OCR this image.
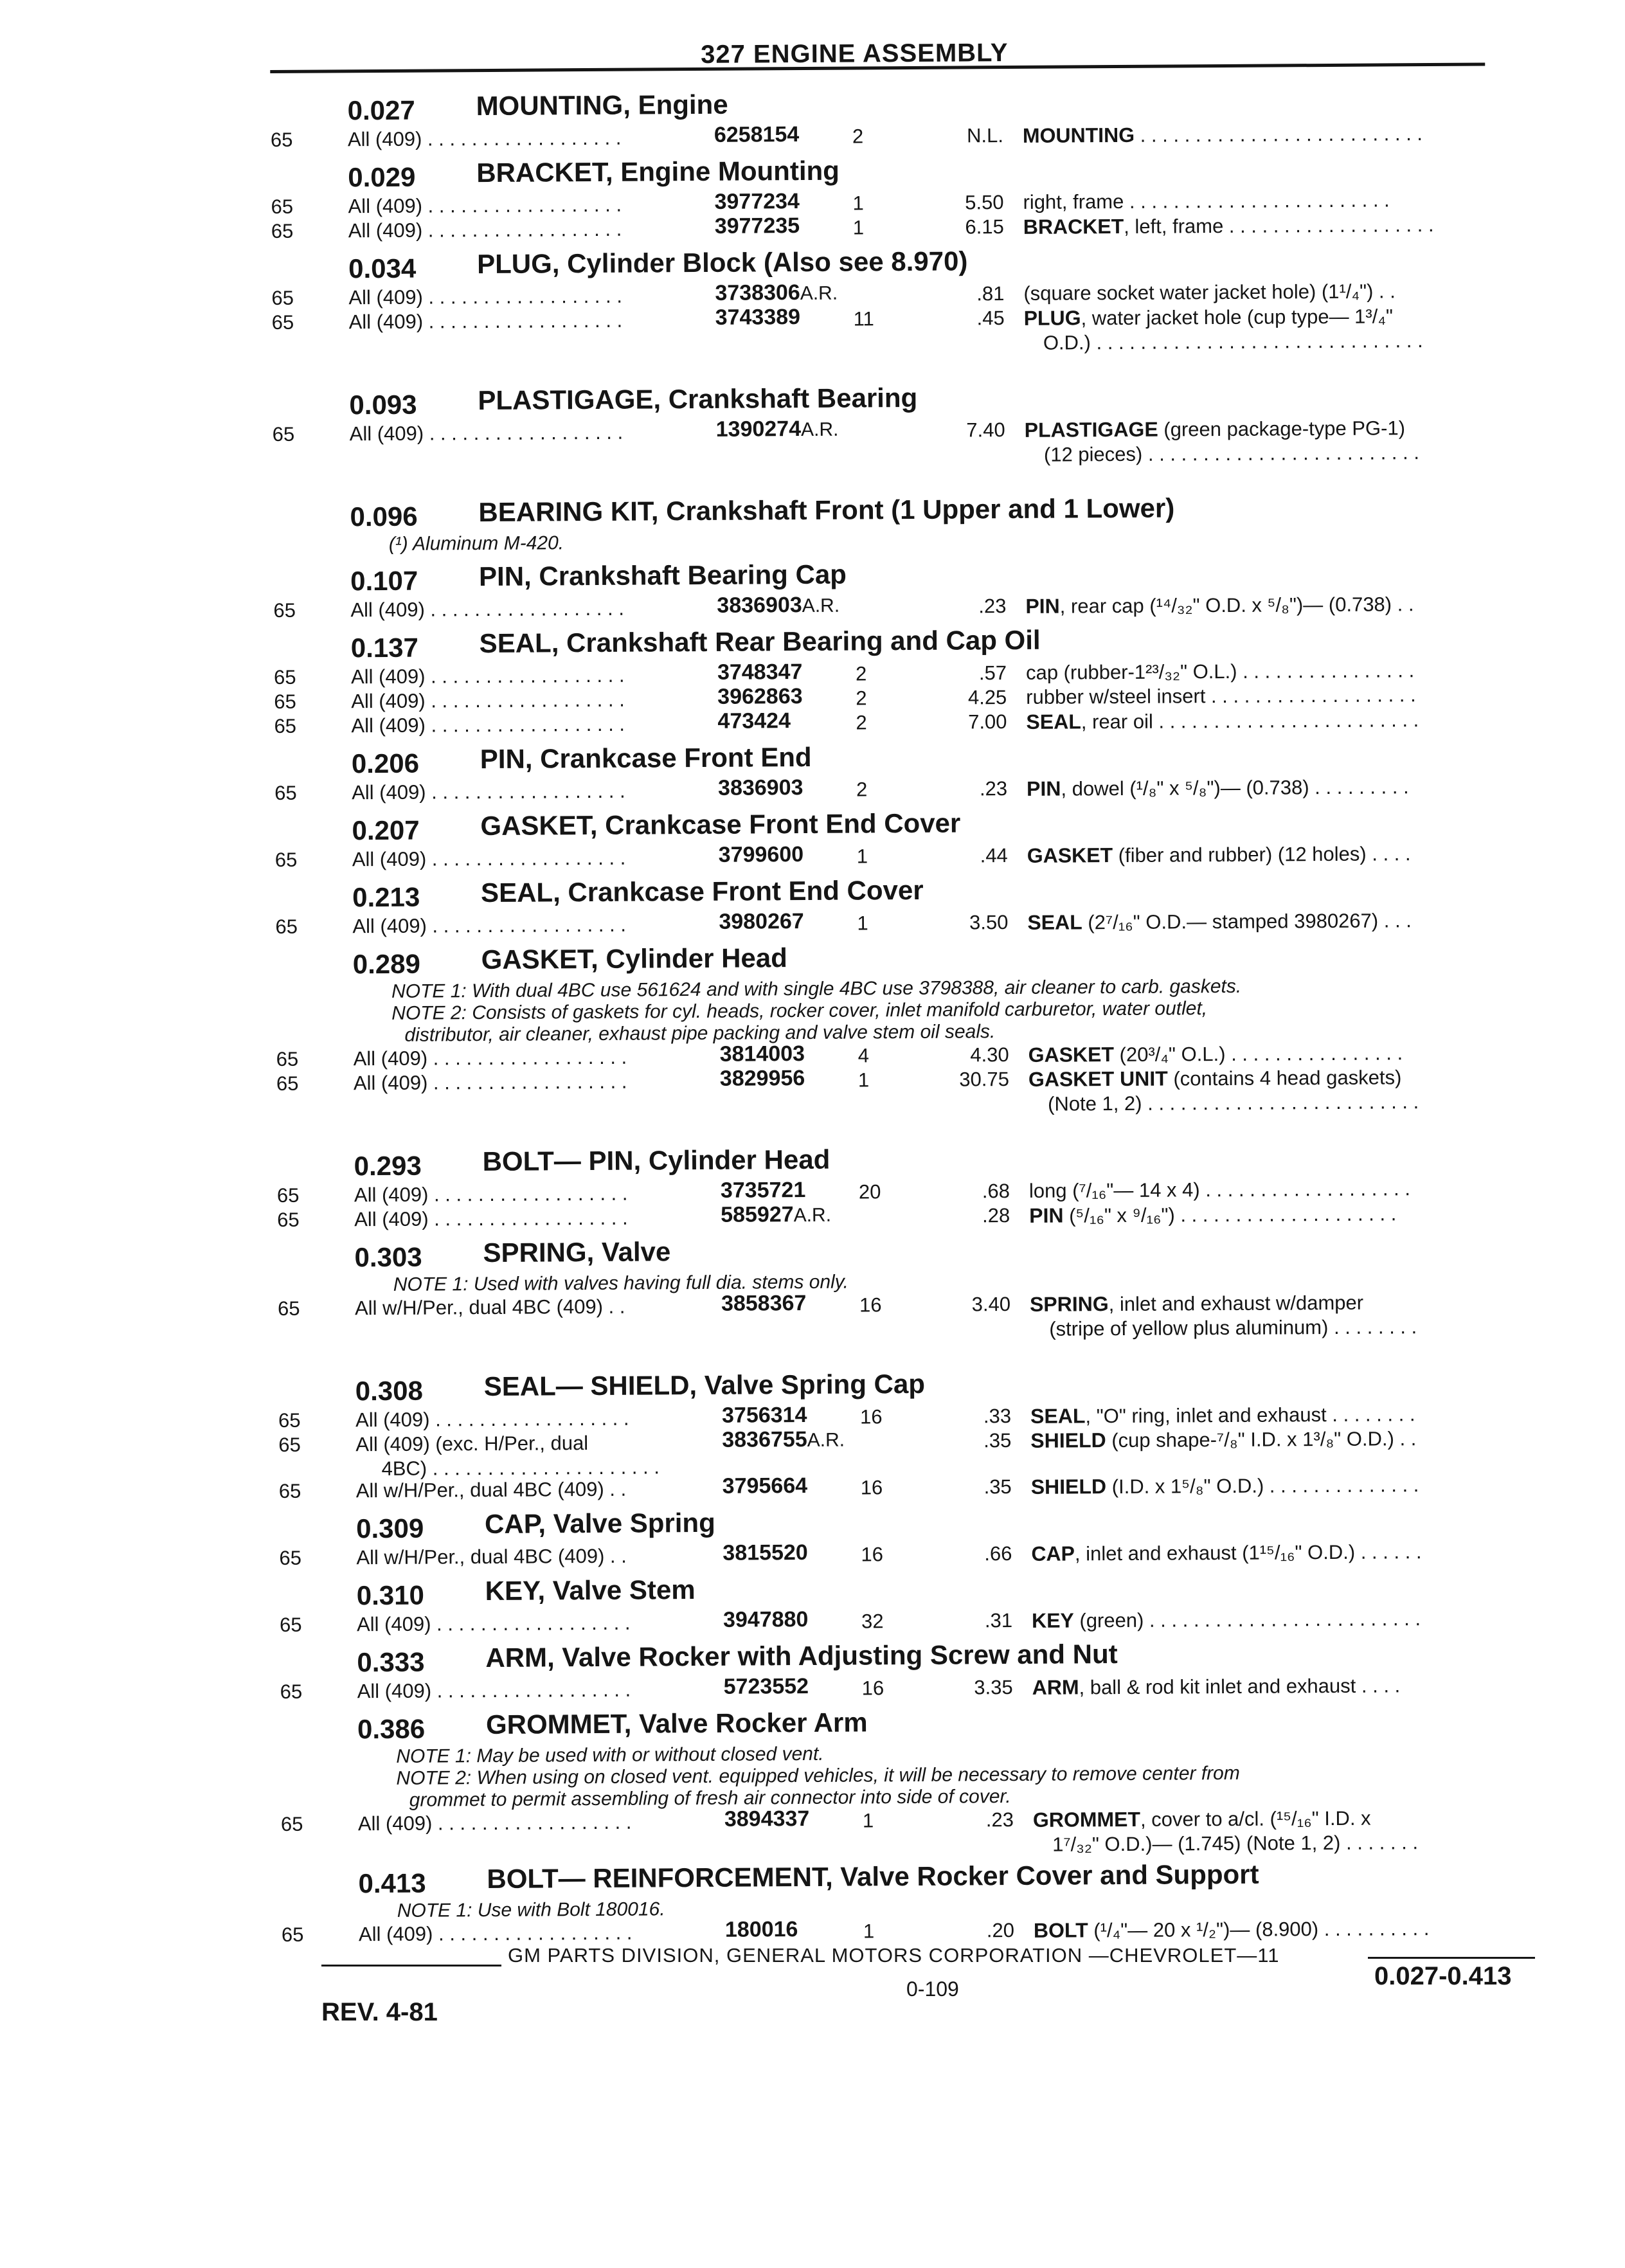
327 ENGINE ASSEMBLY
0.027 MOUNTING, Engine
65	All (409) . . . . . . . . . . . . . . . . . .	6258154	2	N.L. MOUNTING . . . . . . . . . . . . . . . . . . . . . . . . . .
0.029 BRACKET, Engine Mounting
65	All (409) . . . . . . . . . . . . . . . . . .	3977234	1	5.50 right, frame . . . . . . . . . . . . . . . . . . . . . . . .
65	All (409) . . . . . . . . . . . . . . . . . .	3977235	1	6.15 BRACKET, left, frame . . . . . . . . . . . . . . . . . . .
0.034 PLUG, Cylinder Block (Also see 8.970)
65	All (409) . . . . . . . . . . . . . . . . . .	3738306A.R.	.81 (square socket water jacket hole) (1¹/₄") . .
65	All (409) . . . . . . . . . . . . . . . . . .	3743389	11	.45 PLUG, water jacket hole (cup type— 1³/₄"
O.D.) . . . . . . . . . . . . . . . . . . . . . . . . . . . . . .
0.093 PLASTIGAGE, Crankshaft Bearing
65	All (409) . . . . . . . . . . . . . . . . . .	1390274A.R.	7.40 PLASTIGAGE (green package-type PG-1)
(12 pieces) . . . . . . . . . . . . . . . . . . . . . . . . .
0.096 BEARING KIT, Crankshaft Front (1 Upper and 1 Lower)
(¹) Aluminum M-420.
0.107 PIN, Crankshaft Bearing Cap
65	All (409) . . . . . . . . . . . . . . . . . .	3836903A.R.	.23 PIN, rear cap (¹⁴/₃₂" O.D. x ⁵/₈")— (0.738) . .
0.137 SEAL, Crankshaft Rear Bearing and Cap Oil
65	All (409) . . . . . . . . . . . . . . . . . .	3748347	2	.57 cap (rubber-1²³/₃₂" O.L.) . . . . . . . . . . . . . . . .
65	All (409) . . . . . . . . . . . . . . . . . .	3962863	2	4.25 rubber w/steel insert . . . . . . . . . . . . . . . . . . .
65	All (409) . . . . . . . . . . . . . . . . . .	473424	2	7.00 SEAL, rear oil . . . . . . . . . . . . . . . . . . . . . . . .
0.206 PIN, Crankcase Front End
65	All (409) . . . . . . . . . . . . . . . . . .	3836903	2	.23 PIN, dowel (¹/₈" x ⁵/₈")— (0.738) . . . . . . . . .
0.207 GASKET, Crankcase Front End Cover
65	All (409) . . . . . . . . . . . . . . . . . .	3799600	1	.44 GASKET (fiber and rubber) (12 holes) . . . .
0.213 SEAL, Crankcase Front End Cover
65	All (409) . . . . . . . . . . . . . . . . . .	3980267	1	3.50 SEAL (2⁷/₁₆" O.D.— stamped 3980267) . . .
0.289 GASKET, Cylinder Head
NOTE 1: With dual 4BC use 561624 and with single 4BC use 3798388, air cleaner to carb. gaskets.
NOTE 2: Consists of gaskets for cyl. heads, rocker cover, inlet manifold carburetor, water outlet,
distributor, air cleaner, exhaust pipe packing and valve stem oil seals.
65	All (409) . . . . . . . . . . . . . . . . . .	3814003	4	4.30 GASKET (20³/₄" O.L.) . . . . . . . . . . . . . . . .
65	All (409) . . . . . . . . . . . . . . . . . .	3829956	1	30.75 GASKET UNIT (contains 4 head gaskets)
(Note 1, 2) . . . . . . . . . . . . . . . . . . . . . . . . .
0.293 BOLT— PIN, Cylinder Head
65	All (409) . . . . . . . . . . . . . . . . . .	3735721	20	.68 long (⁷/₁₆"— 14 x 4) . . . . . . . . . . . . . . . . . . .
65	All (409) . . . . . . . . . . . . . . . . . .	585927A.R.	.28 PIN (⁵/₁₆" x ⁹/₁₆") . . . . . . . . . . . . . . . . . . . .
0.303 SPRING, Valve
NOTE 1: Used with valves having full dia. stems only.
65	All w/H/Per., dual 4BC (409) . .	3858367	16	3.40 SPRING, inlet and exhaust w/damper
(stripe of yellow plus aluminum) . . . . . . . .
0.308 SEAL— SHIELD, Valve Spring Cap
65	All (409) . . . . . . . . . . . . . . . . . .	3756314	16	.33 SEAL, "O" ring, inlet and exhaust . . . . . . . .
65	All (409) (exc. H/Per., dual
4BC) . . . . . . . . . . . . . . . . . . . . .
3836755A.R.	.35 SHIELD (cup shape-⁷/₈" I.D. x 1³/₈" O.D.) . .
65	All w/H/Per., dual 4BC (409) . .	3795664	16	.35 SHIELD (I.D. x 1⁵/₈" O.D.) . . . . . . . . . . . . . .
0.309 CAP, Valve Spring
65	All w/H/Per., dual 4BC (409) . .	3815520	16	.66 CAP, inlet and exhaust (1¹⁵/₁₆" O.D.) . . . . . .
0.310 KEY, Valve Stem
65	All (409) . . . . . . . . . . . . . . . . . .	3947880	32	.31 KEY (green) . . . . . . . . . . . . . . . . . . . . . . . . .
0.333 ARM, Valve Rocker with Adjusting Screw and Nut
65	All (409) . . . . . . . . . . . . . . . . . .	5723552	16	3.35 ARM, ball & rod kit inlet and exhaust . . . .
0.386 GROMMET, Valve Rocker Arm
NOTE 1: May be used with or without closed vent.
NOTE 2: When using on closed vent. equipped vehicles, it will be necessary to remove center from
grommet to permit assembling of fresh air connector into side of cover.
65	All (409) . . . . . . . . . . . . . . . . . .	3894337	1	.23 GROMMET, cover to a/cl. (¹⁵/₁₆" I.D. x
1⁷/₃₂" O.D.)— (1.745) (Note 1, 2) . . . . . . .
0.413 BOLT— REINFORCEMENT, Valve Rocker Cover and Support
NOTE 1: Use with Bolt 180016.
65	All (409) . . . . . . . . . . . . . . . . . .	180016	1	.20 BOLT (¹/₄"— 20 x ¹/₂")— (8.900) . . . . . . . . . .
GM PARTS DIVISION, GENERAL MOTORS CORPORATION —CHEVROLET—11
0.027-0.413
0-109
REV. 4-81
